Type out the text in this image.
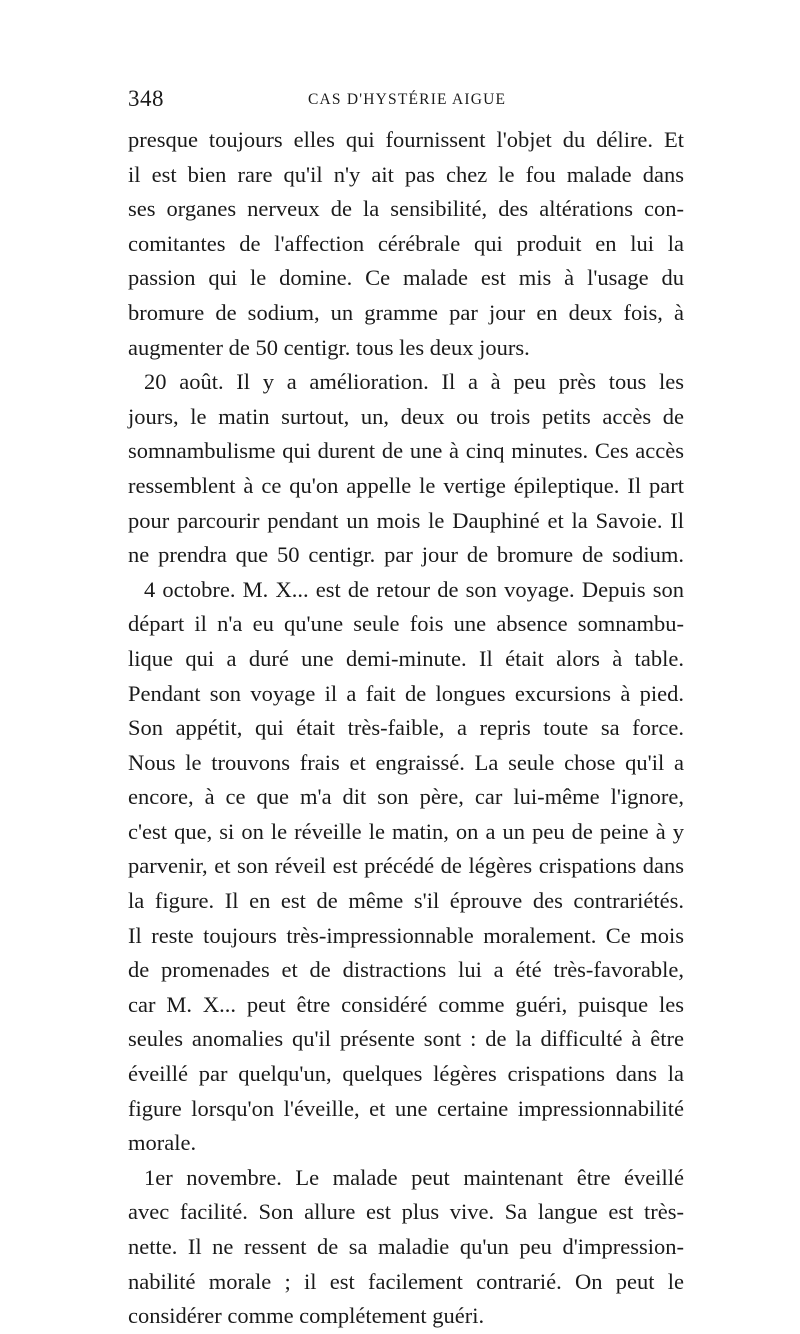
348	CAS D'HYSTÉRIE AIGUE
presque toujours elles qui fournissent l'objet du délire. Et
il est bien rare qu'il n'y ait pas chez le fou malade dans
ses organes nerveux de la sensibilité, des altérations con-
comitantes de l'affection cérébrale qui produit en lui la
passion qui le domine. Ce malade est mis à l'usage du
bromure de sodium, un gramme par jour en deux fois, à
augmenter de 50 centigr. tous les deux jours.
20 août. Il y a amélioration. Il a à peu près tous les
jours, le matin surtout, un, deux ou trois petits accès de
somnambulisme qui durent de une à cinq minutes. Ces accès
ressemblent à ce qu'on appelle le vertige épileptique. Il part
pour parcourir pendant un mois le Dauphiné et la Savoie. Il
ne prendra que 50 centigr. par jour de bromure de sodium.
4 octobre. M. X... est de retour de son voyage. Depuis son
départ il n'a eu qu'une seule fois une absence somnambu-
lique qui a duré une demi-minute. Il était alors à table.
Pendant son voyage il a fait de longues excursions à pied.
Son appétit, qui était très-faible, a repris toute sa force.
Nous le trouvons frais et engraissé. La seule chose qu'il a
encore, à ce que m'a dit son père, car lui-même l'ignore,
c'est que, si on le réveille le matin, on a un peu de peine à y
parvenir, et son réveil est précédé de légères crispations dans
la figure. Il en est de même s'il éprouve des contrariétés.
Il reste toujours très-impressionnable moralement. Ce mois
de promenades et de distractions lui a été très-favorable,
car M. X... peut être considéré comme guéri, puisque les
seules anomalies qu'il présente sont : de la difficulté à être
éveillé par quelqu'un, quelques légères crispations dans la
figure lorsqu'on l'éveille, et une certaine impressionnabilité
morale.
1er novembre. Le malade peut maintenant être éveillé
avec facilité. Son allure est plus vive. Sa langue est très-
nette. Il ne ressent de sa maladie qu'un peu d'impression-
nabilité morale ; il est facilement contrarié. On peut le
considérer comme complétement guéri.
